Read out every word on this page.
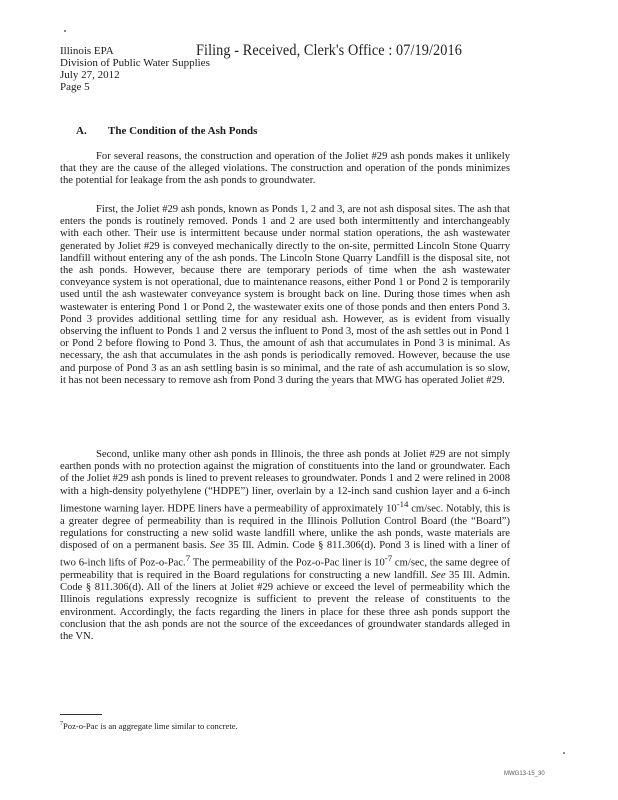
Filing - Received, Clerk's Office : 07/19/2016
Illinois EPA
Division of Public Water Supplies
July 27, 2012
Page 5
A. The Condition of the Ash Ponds

For several reasons, the construction and operation of the Joliet #29 ash ponds makes it unlikely that they are the cause of the alleged violations. The construction and operation of the ponds minimizes the potential for leakage from the ash ponds to groundwater.

First, the Joliet #29 ash ponds, known as Ponds 1, 2 and 3, are not ash disposal sites. The ash that enters the ponds is routinely removed. Ponds 1 and 2 are used both intermittently and interchangeably with each other. Their use is intermittent because under normal station operations, the ash wastewater generated by Joliet #29 is conveyed mechanically directly to the on-site, permitted Lincoln Stone Quarry landfill without entering any of the ash ponds. The Lincoln Stone Quarry Landfill is the disposal site, not the ash ponds. However, because there are temporary periods of time when the ash wastewater conveyance system is not operational, due to maintenance reasons, either Pond 1 or Pond 2 is temporarily used until the ash wastewater conveyance system is brought back on line. During those times when ash wastewater is entering Pond 1 or Pond 2, the wastewater exits one of those ponds and then enters Pond 3. Pond 3 provides additional settling time for any residual ash. However, as is evident from visually observing the influent to Ponds 1 and 2 versus the influent to Pond 3, most of the ash settles out in Pond 1 or Pond 2 before flowing to Pond 3. Thus, the amount of ash that accumulates in Pond 3 is minimal. As necessary, the ash that accumulates in the ash ponds is periodically removed. However, because the use and purpose of Pond 3 as an ash settling basin is so minimal, and the rate of ash accumulation is so slow, it has not been necessary to remove ash from Pond 3 during the years that MWG has operated Joliet #29.

Second, unlike many other ash ponds in Illinois, the three ash ponds at Joliet #29 are not simply earthen ponds with no protection against the migration of constituents into the land or groundwater. Each of the Joliet #29 ash ponds is lined to prevent releases to groundwater. Ponds 1 and 2 were relined in 2008 with a high-density polyethylene (“HDPE”) liner, overlain by a 12-inch sand cushion layer and a 6-inch limestone warning layer. HDPE liners have a permeability of approximately $10^{-14}$ cm/sec. Notably, this is a greater degree of permeability than is required in the Illinois Pollution Control Board (the “Board”) regulations for constructing a new solid waste landfill where, unlike the ash ponds, waste materials are disposed of on a permanent basis. See 35 Ill. Admin. Code § 811.306(d). Pond 3 is lined with a liner of two 6-inch lifts of Poz-o-Pac.$^7$ The permeability of the Poz-o-Pac liner is $10^{-7}$ cm/sec, the same degree of permeability that is required in the Board regulations for constructing a new landfill. See 35 Ill. Admin. Code § 811.306(d). All of the liners at Joliet #29 achieve or exceed the level of permeability which the Illinois regulations expressly recognize is sufficient to prevent the release of constituents to the environment. Accordingly, the facts regarding the liners in place for these three ash ponds support the conclusion that the ash ponds are not the source of the exceedances of groundwater standards alleged in the VN.

$^7$Poz-o-Pac is an aggregate lime similar to concrete.
MWG13-15_30
